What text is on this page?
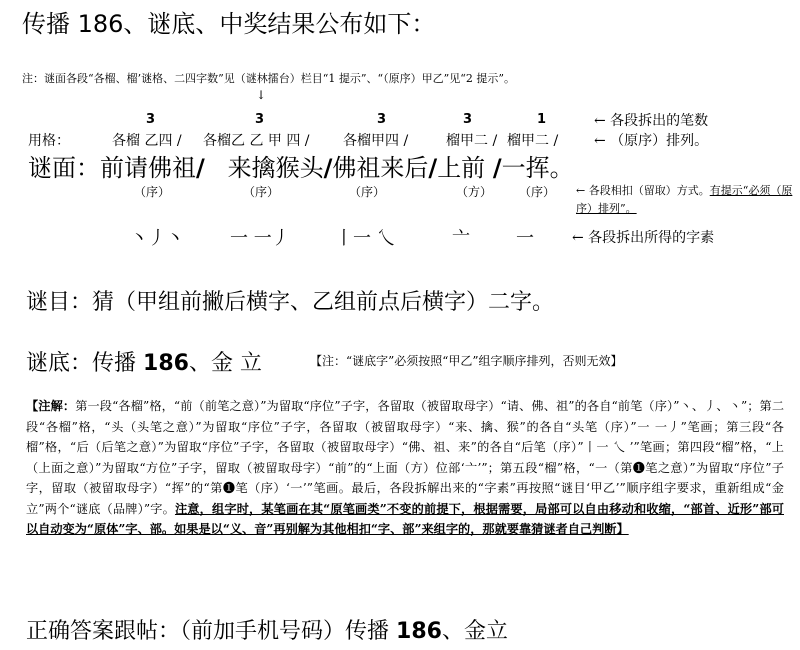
传播 186、谜底、中奖结果公布如下：
注：谜面各段“各榴、榴’谜格、二四字数”见（谜林擂台）栏目“1 提示”、“（原序）甲乙”见“2 提示”。
↓
3	3	3	3	1	← 各段拆出的笔数
用格：	各榴 乙四 / 各榴乙 乙 甲 四 / 各榴甲四 /	榴甲二 / 榴甲二 /	← （原序）排列。
谜面：前请佛祖/ 来擒猴头/佛祖来后/上前 /一挥。
（序）	（序）	（序）	（方） （序） ← 各段相扣（留取）方式。有提示“必须（原序）排列”。
丶丿丶	一 一丿	丨一 乀	亠	一	← 各段拆出所得的字素
谜目：猜（甲组前撇后横字、乙组前点后横字）二字。
谜底：传播 186、金 立	【注：“谜底字”必须按照“甲乙”组字顺序排列，否则无效】
【注解：第一段“各榴”格，“前（前笔之意）”为留取“序位”子字，各留取（被留取母字）“请、佛、祖”的各自“前笔（序）”丶、丿、丶”；第二段“各榴”格，“头（头笔之意）”为留取“序位”子字，各留取（被留取母字）“来、擒、猴”的各自“头笔（序）”一 一丿”笔画；第三段“各榴”格，“后（后笔之意）”为留取“序位”子字，各留取（被留取母字）“佛、祖、来”的各自“后笔（序）”丨一 乀 ’”笔画；第四段“榴”格，“上（上面之意）”为留取“方位”子字，留取（被留取母字）“前”的“上面（方）位部‘亠’”；第五段“榴”格，“一（第❶笔之意）”为留取“序位”子字，留取（被留取母字）“挥”的“第❶笔（序）‘一’”笔画。最后，各段拆解出来的“字素”再按照“谜目‘甲乙’”顺序组字要求，重新组成“金立”两个“谜底（品牌）”字。注意，组字时，某笔画在其“原笔画类”不变的前提下，根据需要，局部可以自由移动和收缩，“部首、近形”部可以自动变为“原体”字、部。如果是以“义、音”再别解为其他相扣“字、部”来组字的，那就要靠猜谜者自己判断】
正确答案跟帖：（前加手机号码）传播 186、金立
